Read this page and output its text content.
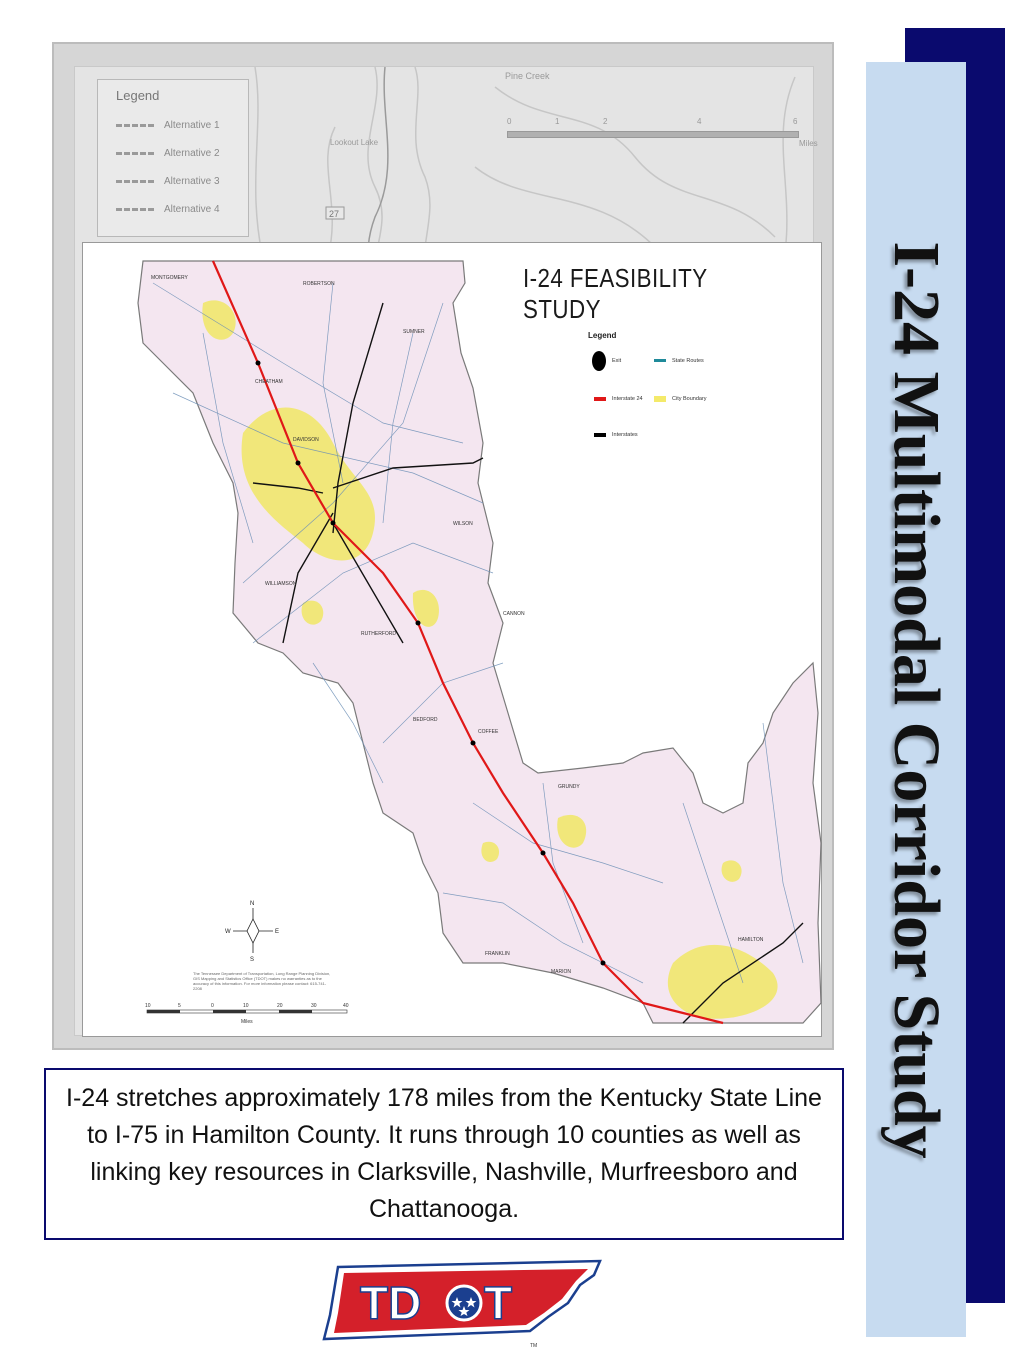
I-24 Multimodal Corridor Study
Pine Creek
Lookout Lake
27
Legend
Alternative 1
Alternative 2
Alternative 3
Alternative 4
0	1	2	4	6
Miles
MONTGOMERY
ROBERTSON
SUMNER
CHEATHAM
DAVIDSON
WILSON
WILLIAMSON
CANNON
RUTHERFORD
BEDFORD
COFFEE
GRUNDY
FRANKLIN
MARION
HAMILTON
N
S
E
W
10	5	0	10	20	30	40
Miles
I-24 FEASIBILITY STUDY
Legend
Exit	State Routes
Interstate 24	City Boundary
Interstates
The Tennessee Department of Transportation, Long Range Planning Division, GIS Mapping and Statistics Office (TDOT) makes no warranties as to the accuracy of this information. For more information please contact: 615-741-2208
I-24 stretches approximately 178 miles from the Kentucky State Line to I-75 in Hamilton County. It runs through 10 counties as well as linking key resources in Clarksville, Nashville, Murfreesboro and Chattanooga.
TD T
TM
